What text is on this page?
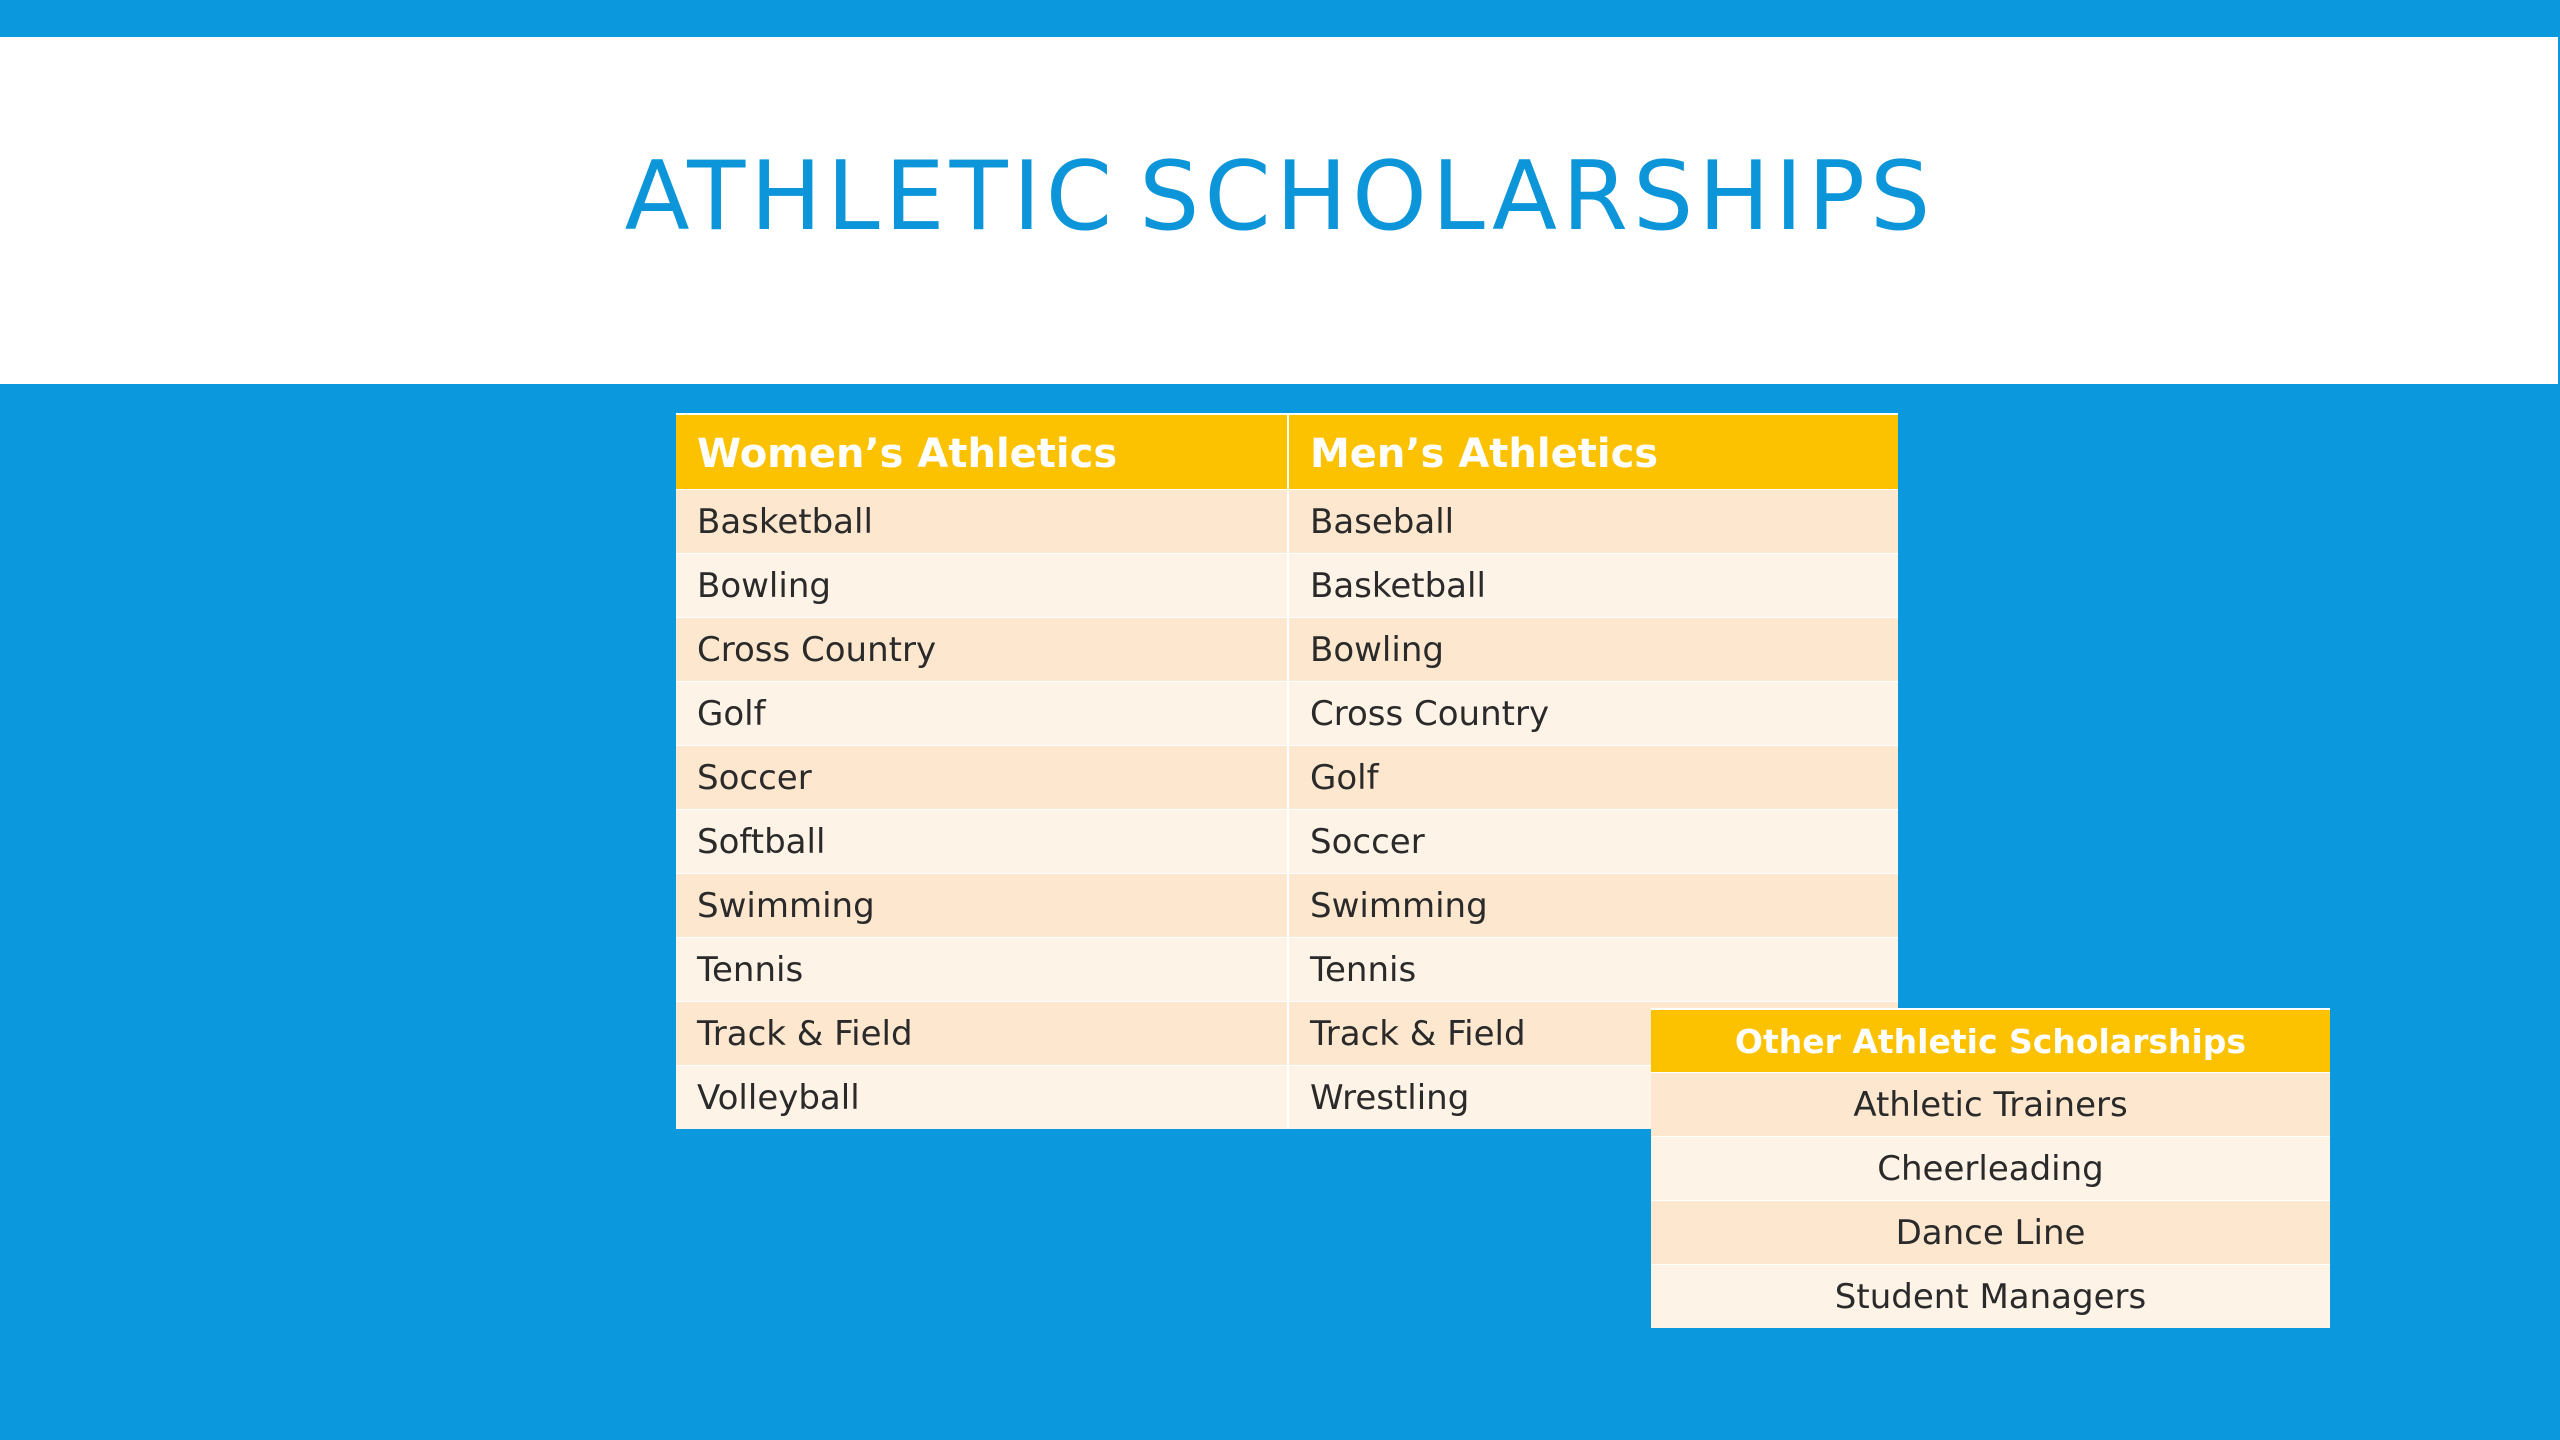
ATHLETIC SCHOLARSHIPS
Women’s Athletics	Men’s Athletics
Basketball	Baseball
Bowling	Basketball
Cross Country	Bowling
Golf	Cross Country
Soccer	Golf
Softball	Soccer
Swimming	Swimming
Tennis	Tennis
Track & Field	Track & Field
Volleyball	Wrestling
Other Athletic Scholarships
Athletic Trainers
Cheerleading
Dance Line
Student Managers
